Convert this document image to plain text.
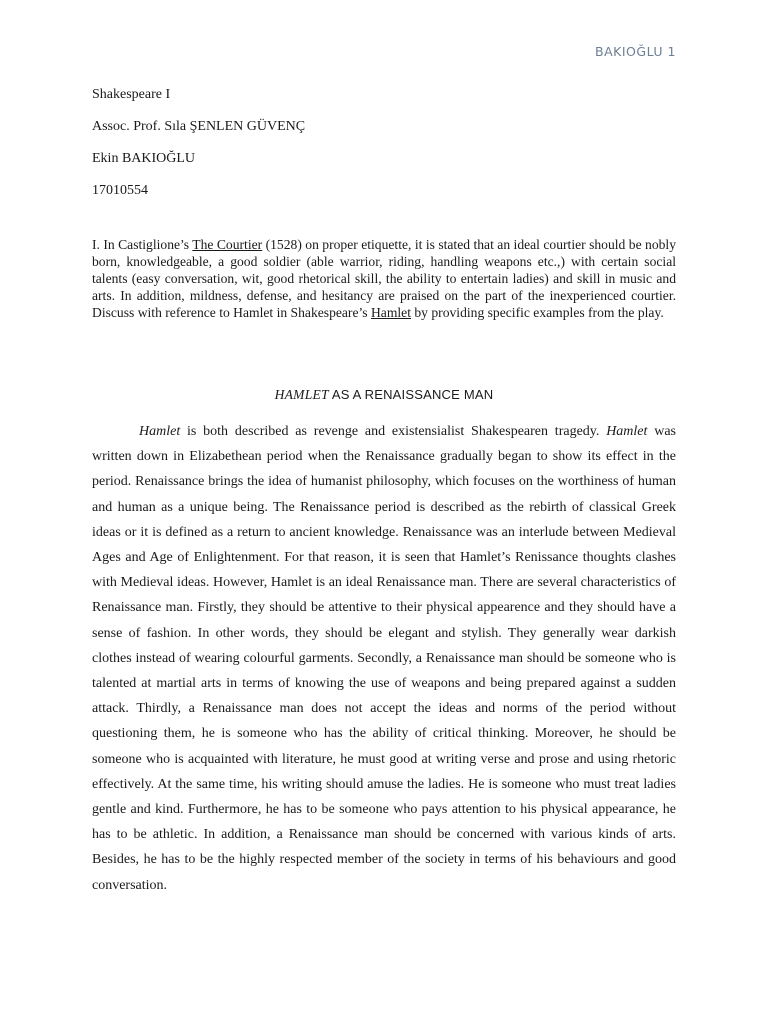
BAKIOĞLU 1

Shakespeare I

Assoc. Prof. Sıla ŞENLEN GÜVENÇ

Ekin BAKIOĞLU

17010554

I. In Castiglione’s The Courtier (1528) on proper etiquette, it is stated that an ideal courtier should be nobly born, knowledgeable, a good soldier (able warrior, riding, handling weapons etc.,) with certain social talents (easy conversation, wit, good rhetorical skill, the ability to entertain ladies) and skill in music and arts. In addition, mildness, defense, and hesitancy are praised on the part of the inexperienced courtier. Discuss with reference to Hamlet in Shakespeare’s Hamlet by providing specific examples from the play.

HAMLET AS A RENAISSANCE MAN

Hamlet is both described as revenge and existensialist Shakespearen tragedy. Hamlet was written down in Elizabethean period when the Renaissance gradually began to show its effect in the period. Renaissance brings the idea of humanist philosophy, which focuses on the worthiness of human and human as a unique being. The Renaissance period is described as the rebirth of classical Greek ideas or it is defined as a return to ancient knowledge. Renaissance was an interlude between Medieval Ages and Age of Enlightenment. For that reason, it is seen that Hamlet’s Renissance thoughts clashes with Medieval ideas. However, Hamlet is an ideal Renaissance man. There are several characteristics of Renaissance man. Firstly, they should be attentive to their physical appearence and they should have a sense of fashion. In other words, they should be elegant and stylish. They generally wear darkish clothes instead of wearing colourful garments. Secondly, a Renaissance man should be someone who is talented at martial arts in terms of knowing the use of weapons and being prepared against a sudden attack. Thirdly, a Renaissance man does not accept the ideas and norms of the period without questioning them, he is someone who has the ability of critical thinking. Moreover, he should be someone who is acquainted with literature, he must good at writing verse and prose and using rhetoric effectively. At the same time, his writing should amuse the ladies. He is someone who must treat ladies gentle and kind. Furthermore, he has to be someone who pays attention to his physical appearance, he has to be athletic. In addition, a Renaissance man should be concerned with various kinds of arts. Besides, he has to be the highly respected member of the society in terms of his behaviours and good conversation.
